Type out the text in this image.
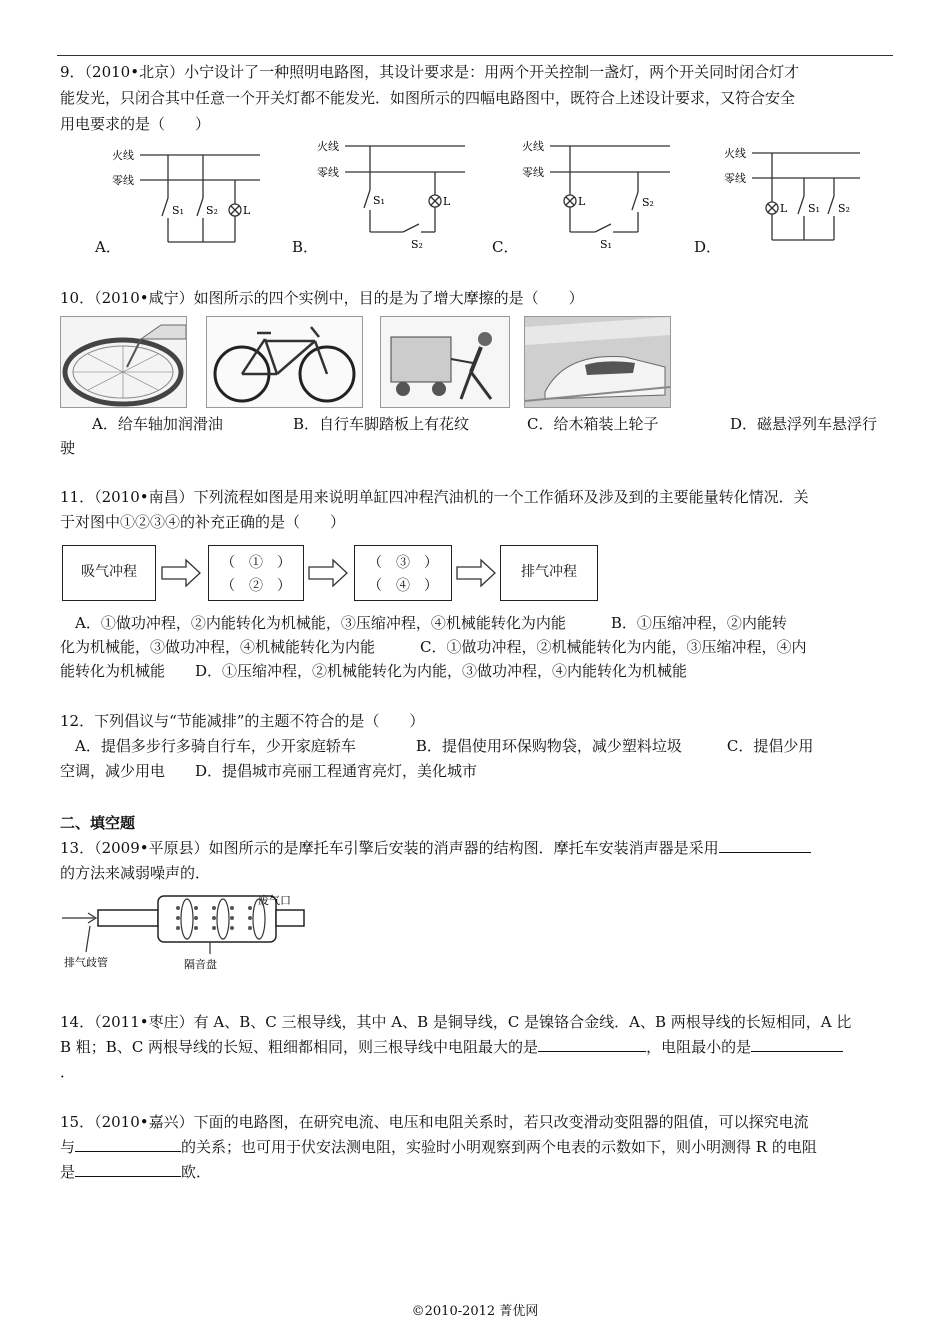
9．（2010•北京）小宁设计了一种照明电路图，其设计要求是：用两个开关控制一盏灯，两个开关同时闭合灯才
能发光，只闭合其中任意一个开关灯都不能发光．如图所示的四幅电路图中，既符合上述设计要求，又符合安全
用电要求的是（　　）
火线
零线
S₁ S₂ L
A．
火线
零线
S₁
S₂
L
B．
火线
零线
L
S₁
S₂
C．
火线
零线
L S₁ S₂
D．
10．（2010•咸宁）如图所示的四个实例中，目的是为了增大摩擦的是（　　）
A．给车轴加润滑油	B．自行车脚踏板上有花纹	C．给木箱装上轮子	D．磁悬浮列车悬浮行
驶
11．（2010•南昌）下列流程如图是用来说明单缸四冲程汽油机的一个工作循环及涉及到的主要能量转化情况．关
于对图中①②③④的补充正确的是（　　）
吸气冲程
（　①　）
（　②　）
（　③　）
（　④　）
排气冲程
　A．①做功冲程，②内能转化为机械能，③压缩冲程，④机械能转化为内能　　　B．①压缩冲程，②内能转
化为机械能，③做功冲程，④机械能转化为内能　　　C．①做功冲程，②机械能转化为内能，③压缩冲程，④内
能转化为机械能　　D．①压缩冲程，②机械能转化为内能，③做功冲程，④内能转化为机械能
12．下列倡议与“节能减排”的主题不符合的是（　　）
　A．提倡多步行多骑自行车，少开家庭轿车　　　　B．提倡使用环保购物袋，减少塑料垃圾　　　C．提倡少用
空调，减少用电　　D．提倡城市亮丽工程通宵亮灯，美化城市
二、填空题
13．（2009•平原县）如图所示的是摩托车引擎后安装的消声器的结构图．摩托车安装消声器是采用
的方法来减弱噪声的．
废气口
排气歧管	隔音盘
14．（2011•枣庄）有 A、B、C 三根导线，其中 A、B 是铜导线，C 是镍铬合金线．A、B 两根导线的长短相同，A 比
B 粗；B、C 两根导线的长短、粗细都相同，则三根导线中电阻最大的是	，电阻最小的是
．
15．（2010•嘉兴）下面的电路图，在研究电流、电压和电阻关系时，若只改变滑动变阻器的阻值，可以探究电流
与	的关系；也可用于伏安法测电阻，实验时小明观察到两个电表的示数如下，则小明测得 R 的电阻
是	欧．
©2010-2012 菁优网
